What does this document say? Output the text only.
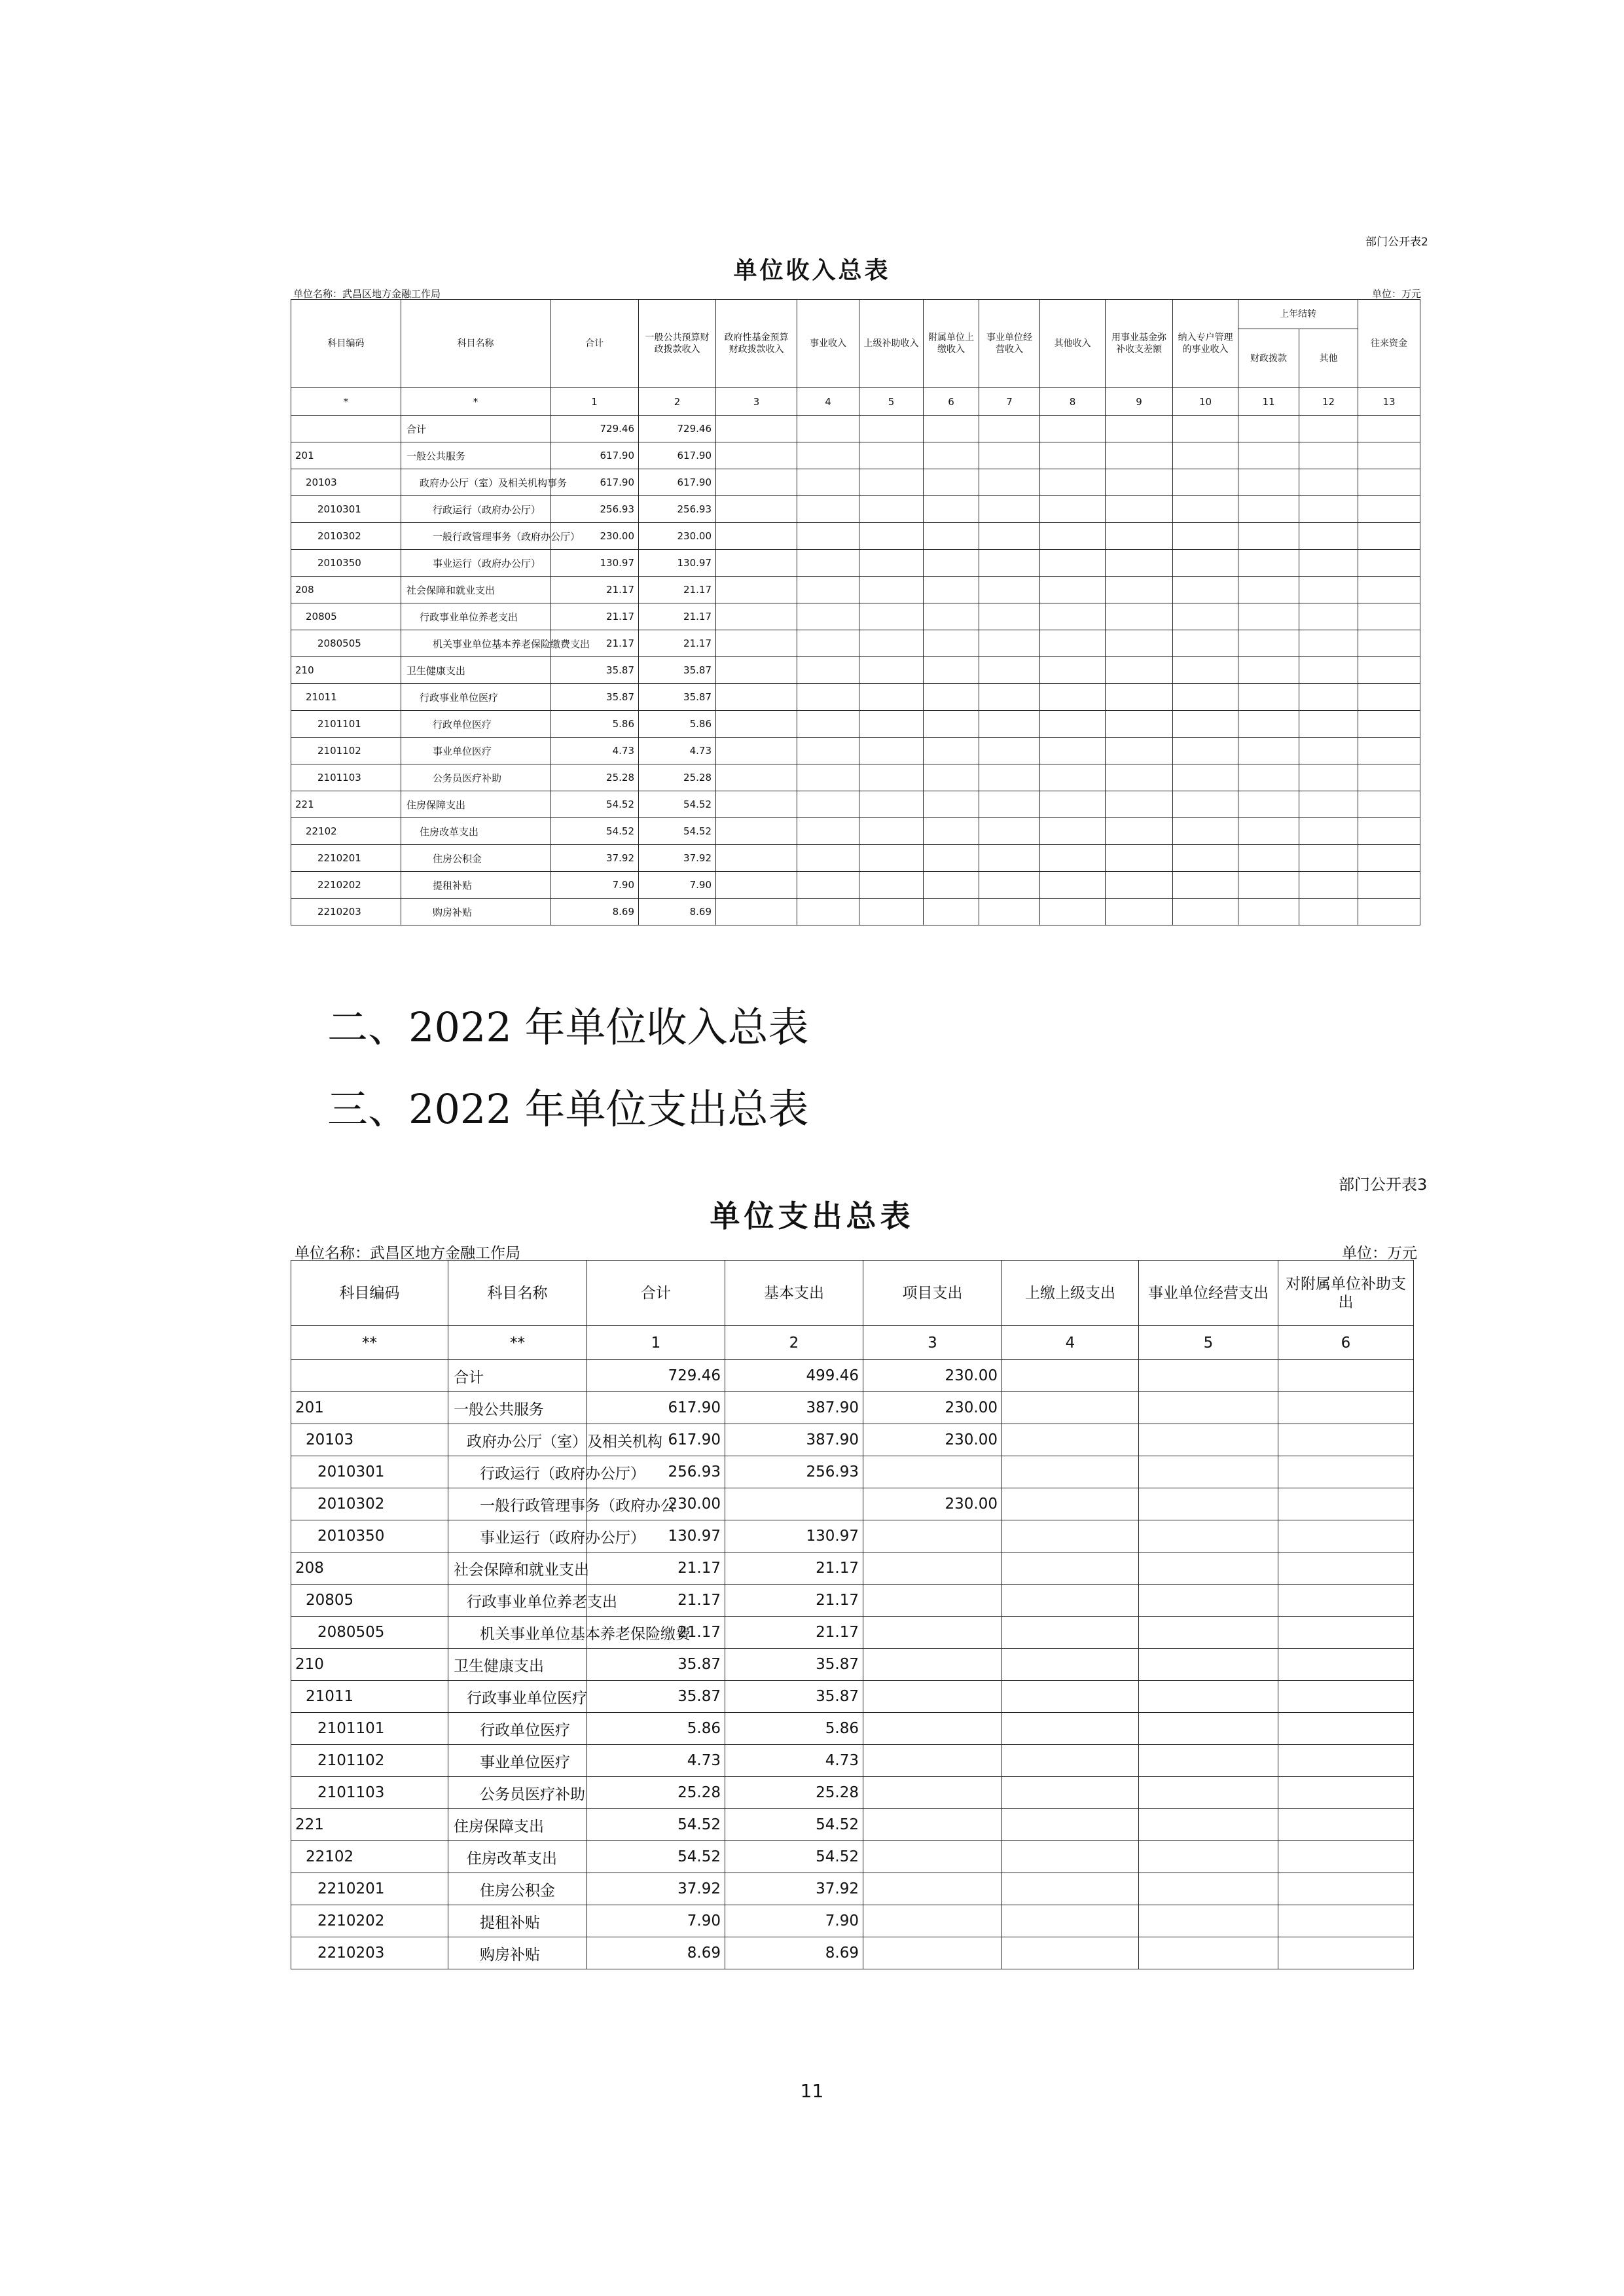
部门公开表2
单位收入总表
单位名称：武昌区地方金融工作局	单位：万元
科目编码	科目名称	合计	一般公共预算财政拨款收入	政府性基金预算财政拨款收入	事业收入	上级补助收入	附属单位上缴收入	事业单位经营收入	其他收入	用事业基金弥补收支差额	纳入专户管理的事业收入	上年结转		往来资金
												财政拨款	其他	
*	*	1	2	3	4	5	6	7	8	9	10	11	12	13
	合计	729.46	729.46											
201	一般公共服务	617.90	617.90											
20103	政府办公厅（室）及相关机构事务	617.90	617.90											
2010301	行政运行（政府办公厅）	256.93	256.93											
2010302	一般行政管理事务（政府办公厅）	230.00	230.00											
2010350	事业运行（政府办公厅）	130.97	130.97											
208	社会保障和就业支出	21.17	21.17											
20805	行政事业单位养老支出	21.17	21.17											
2080505	机关事业单位基本养老保险缴费支出	21.17	21.17											
210	卫生健康支出	35.87	35.87											
21011	行政事业单位医疗	35.87	35.87											
2101101	行政单位医疗	5.86	5.86											
2101102	事业单位医疗	4.73	4.73											
2101103	公务员医疗补助	25.28	25.28											
221	住房保障支出	54.52	54.52											
22102	住房改革支出	54.52	54.52											
2210201	住房公积金	37.92	37.92											
2210202	提租补贴	7.90	7.90											
2210203	购房补贴	8.69	8.69											
二、2022 年单位收入总表
三、2022 年单位支出总表
部门公开表3
单位支出总表
单位名称：武昌区地方金融工作局	单位：万元
科目编码	科目名称	合计	基本支出	项目支出	上缴上级支出	事业单位经营支出	对附属单位补助支出
**	**	1	2	3	4	5	6
	合计	729.46	499.46	230.00			
201	一般公共服务	617.90	387.90	230.00			
20103	政府办公厅（室）及相关机构	617.90	387.90	230.00			
2010301	行政运行（政府办公厅）	256.93	256.93				
2010302	一般行政管理事务（政府办公	230.00		230.00			
2010350	事业运行（政府办公厅）	130.97	130.97				
208	社会保障和就业支出	21.17	21.17				
20805	行政事业单位养老支出	21.17	21.17				
2080505	机关事业单位基本养老保险缴费	21.17	21.17				
210	卫生健康支出	35.87	35.87				
21011	行政事业单位医疗	35.87	35.87				
2101101	行政单位医疗	5.86	5.86				
2101102	事业单位医疗	4.73	4.73				
2101103	公务员医疗补助	25.28	25.28				
221	住房保障支出	54.52	54.52				
22102	住房改革支出	54.52	54.52				
2210201	住房公积金	37.92	37.92				
2210202	提租补贴	7.90	7.90				
2210203	购房补贴	8.69	8.69				
11
